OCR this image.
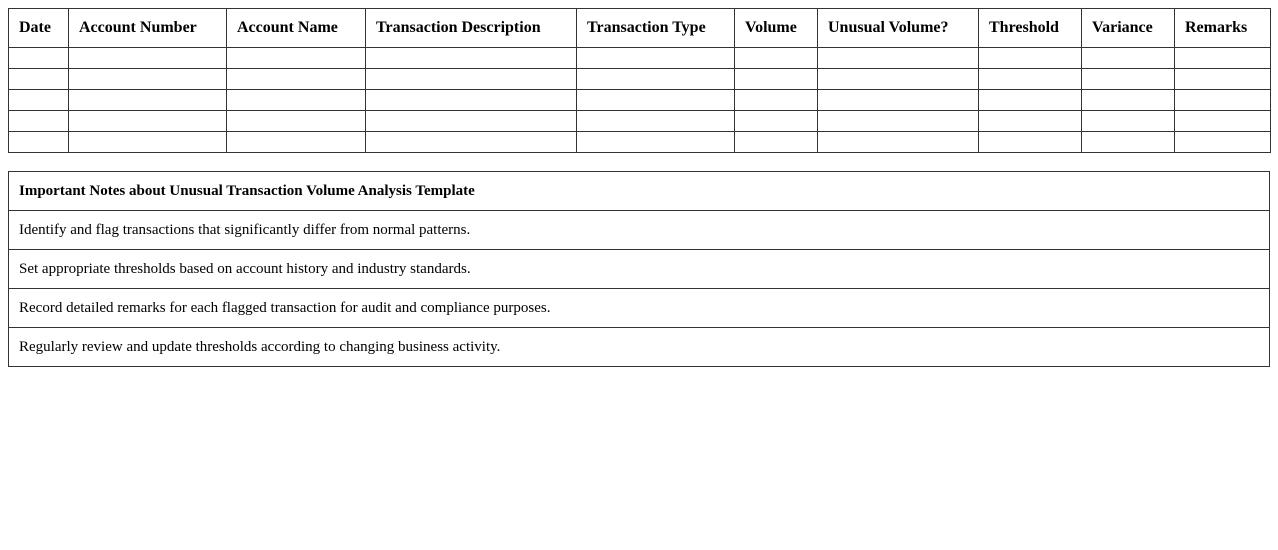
Date	Account Number	Account Name	Transaction Description	Transaction Type	Volume	Unusual Volume?	Threshold	Variance	Remarks

Important Notes about Unusual Transaction Volume Analysis Template
Identify and flag transactions that significantly differ from normal patterns.
Set appropriate thresholds based on account history and industry standards.
Record detailed remarks for each flagged transaction for audit and compliance purposes.
Regularly review and update thresholds according to changing business activity.
